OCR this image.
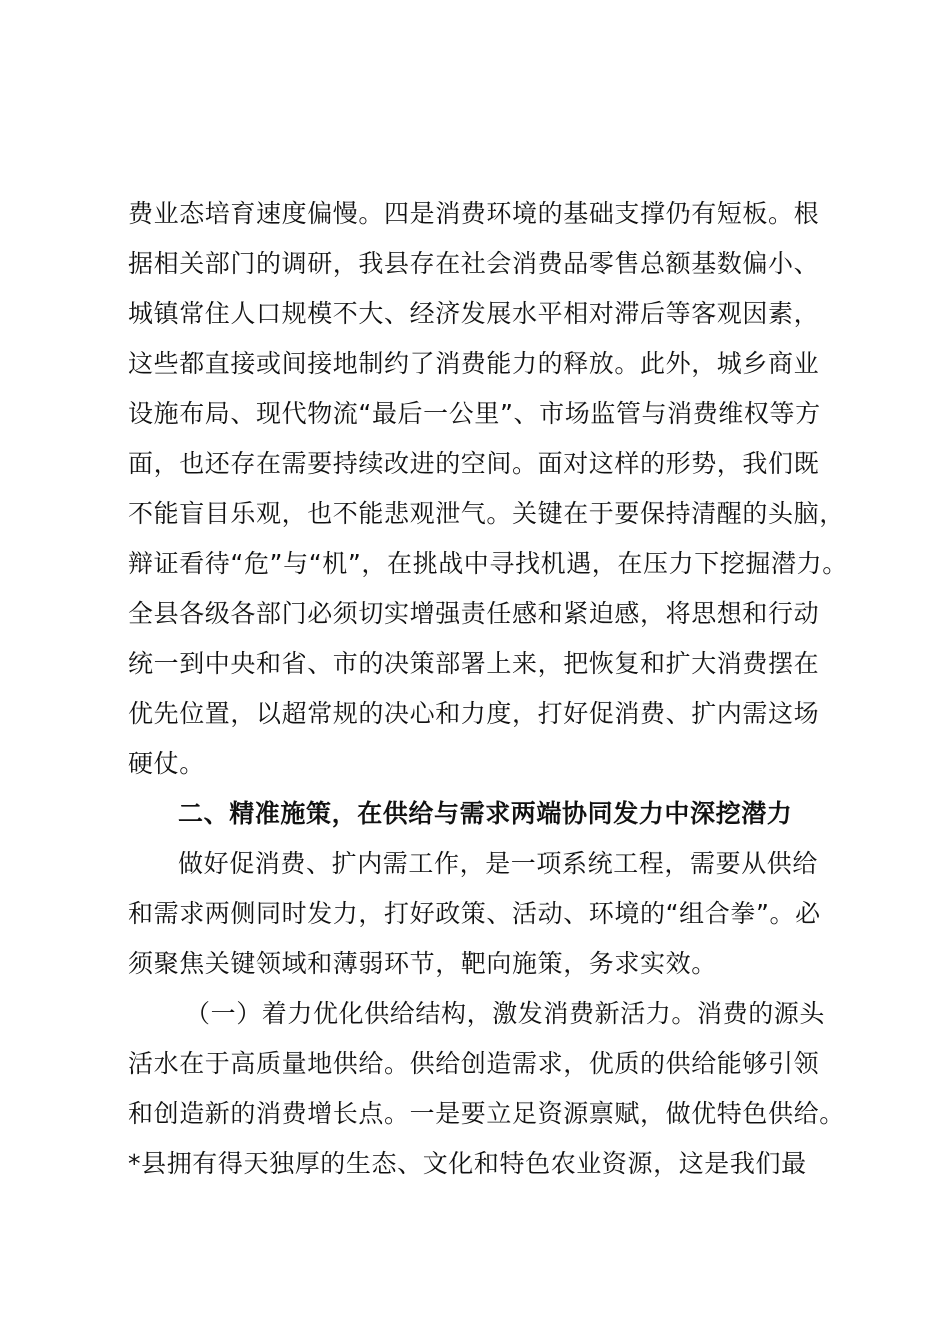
费业态培育速度偏慢。四是消费环境的基础支撑仍有短板。根
据相关部门的调研，我县存在社会消费品零售总额基数偏小、
城镇常住人口规模不大、经济发展水平相对滞后等客观因素，
这些都直接或间接地制约了消费能力的释放。此外，城乡商业
设施布局、现代物流“最后一公里”、市场监管与消费维权等方
面，也还存在需要持续改进的空间。面对这样的形势，我们既
不能盲目乐观，也不能悲观泄气。关键在于要保持清醒的头脑，
辩证看待“危”与“机”，在挑战中寻找机遇，在压力下挖掘潜力。
全县各级各部门必须切实增强责任感和紧迫感，将思想和行动
统一到中央和省、市的决策部署上来，把恢复和扩大消费摆在
优先位置，以超常规的决心和力度，打好促消费、扩内需这场
硬仗。
二、精准施策，在供给与需求两端协同发力中深挖潜力
做好促消费、扩内需工作，是一项系统工程，需要从供给
和需求两侧同时发力，打好政策、活动、环境的“组合拳”。必
须聚焦关键领域和薄弱环节，靶向施策，务求实效。
（一）着力优化供给结构，激发消费新活力。消费的源头
活水在于高质量地供给。供给创造需求，优质的供给能够引领
和创造新的消费增长点。一是要立足资源禀赋，做优特色供给。
*县拥有得天独厚的生态、文化和特色农业资源，这是我们最
